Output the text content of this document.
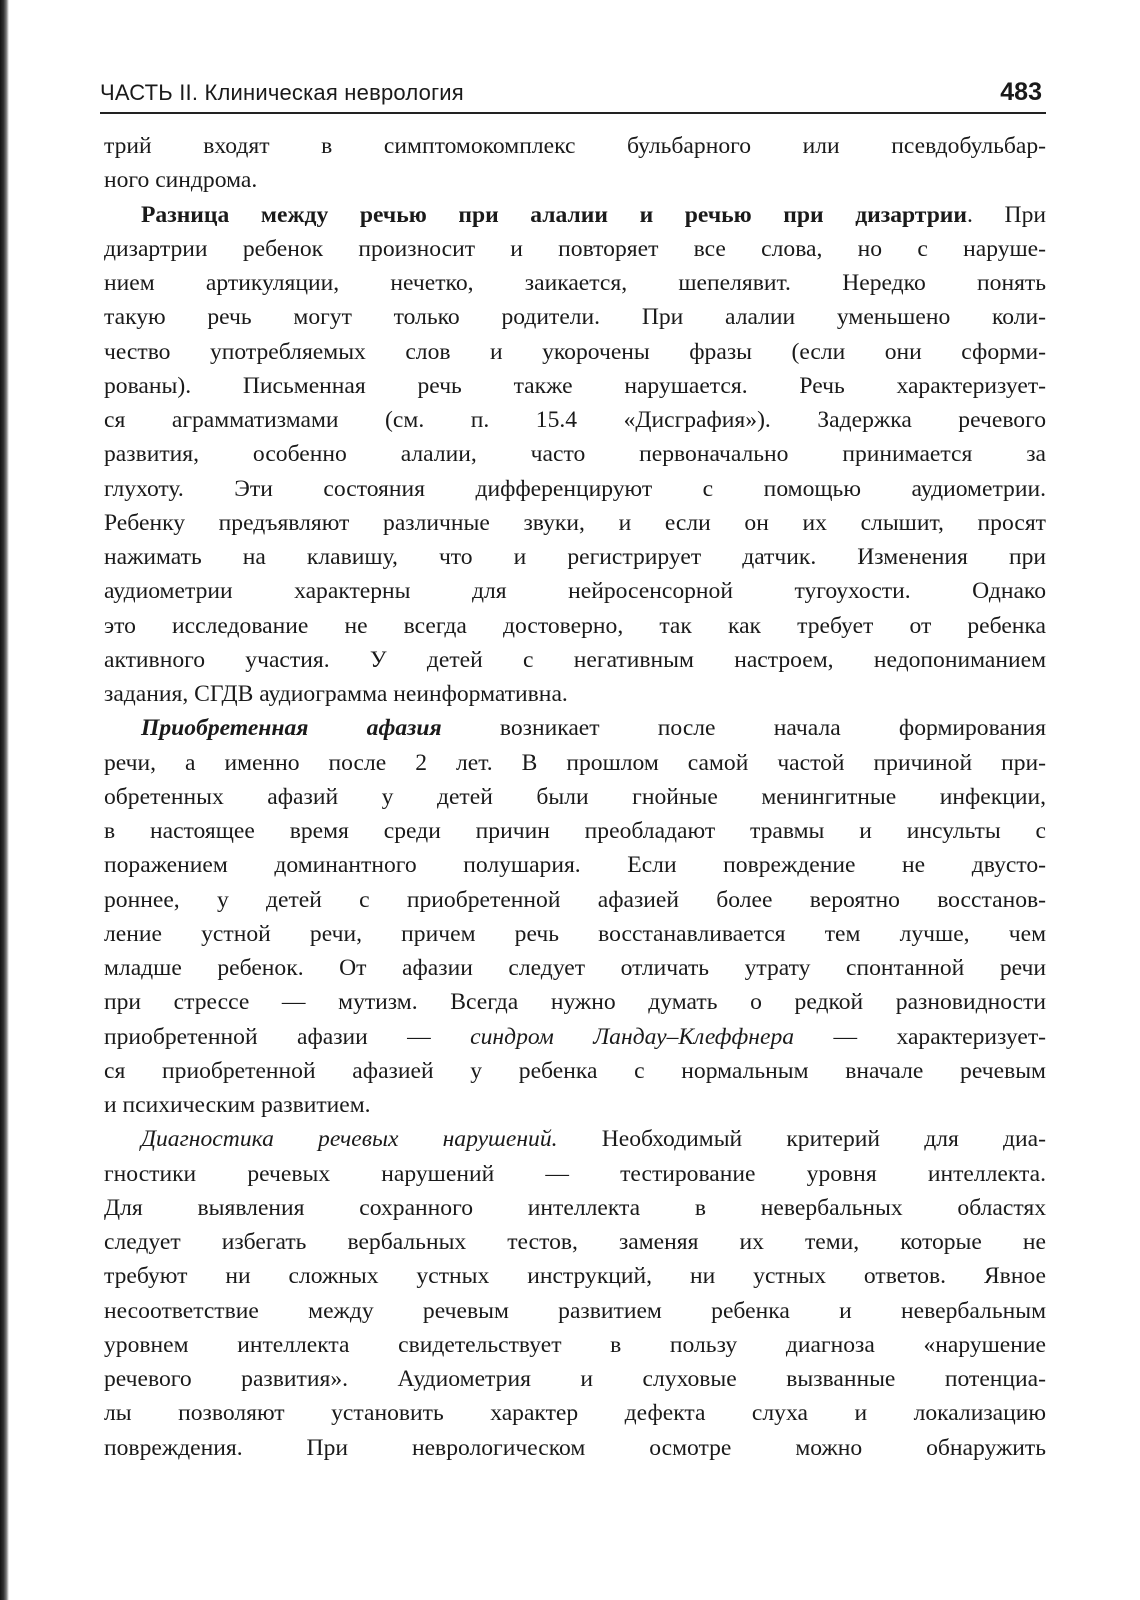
ЧАСТЬ II. Клиническая неврология	483
трий входят в симптомокомплекс бульбарного или псевдобульбар-
ного синдрома.
Разница между речью при алалии и речью при дизартрии. При
дизартрии ребенок произносит и повторяет все слова, но с наруше-
нием артикуляции, нечетко, заикается, шепелявит. Нередко понять
такую речь могут только родители. При алалии уменьшено коли-
чество употребляемых слов и укорочены фразы (если они сформи-
рованы). Письменная речь также нарушается. Речь характеризует-
ся аграмматизмами (см. п. 15.4 «Дисграфия»). Задержка речевого
развития, особенно алалии, часто первоначально принимается за
глухоту. Эти состояния дифференцируют с помощью аудиометрии.
Ребенку предъявляют различные звуки, и если он их слышит, просят
нажимать на клавишу, что и регистрирует датчик. Изменения при
аудиометрии характерны для нейросенсорной тугоухости. Однако
это исследование не всегда достоверно, так как требует от ребенка
активного участия. У детей с негативным настроем, недопониманием
задания, СГДВ аудиограмма неинформативна.
Приобретенная афазия возникает после начала формирования
речи, а именно после 2 лет. В прошлом самой частой причиной при-
обретенных афазий у детей были гнойные менингитные инфекции,
в настоящее время среди причин преобладают травмы и инсульты с
поражением доминантного полушария. Если повреждение не двусто-
роннее, у детей с приобретенной афазией более вероятно восстанов-
ление устной речи, причем речь восстанавливается тем лучше, чем
младше ребенок. От афазии следует отличать утрату спонтанной речи
при стрессе — мутизм. Всегда нужно думать о редкой разновидности
приобретенной афазии — синдром Ландау–Клеффнера — характеризует-
ся приобретенной афазией у ребенка с нормальным вначале речевым
и психическим развитием.
Диагностика речевых нарушений. Необходимый критерий для диа-
гностики речевых нарушений — тестирование уровня интеллекта.
Для выявления сохранного интеллекта в невербальных областях
следует избегать вербальных тестов, заменяя их теми, которые не
требуют ни сложных устных инструкций, ни устных ответов. Явное
несоответствие между речевым развитием ребенка и невербальным
уровнем интеллекта свидетельствует в пользу диагноза «нарушение
речевого развития». Аудиометрия и слуховые вызванные потенциа-
лы позволяют установить характер дефекта слуха и локализацию
повреждения. При неврологическом осмотре можно обнаружить
